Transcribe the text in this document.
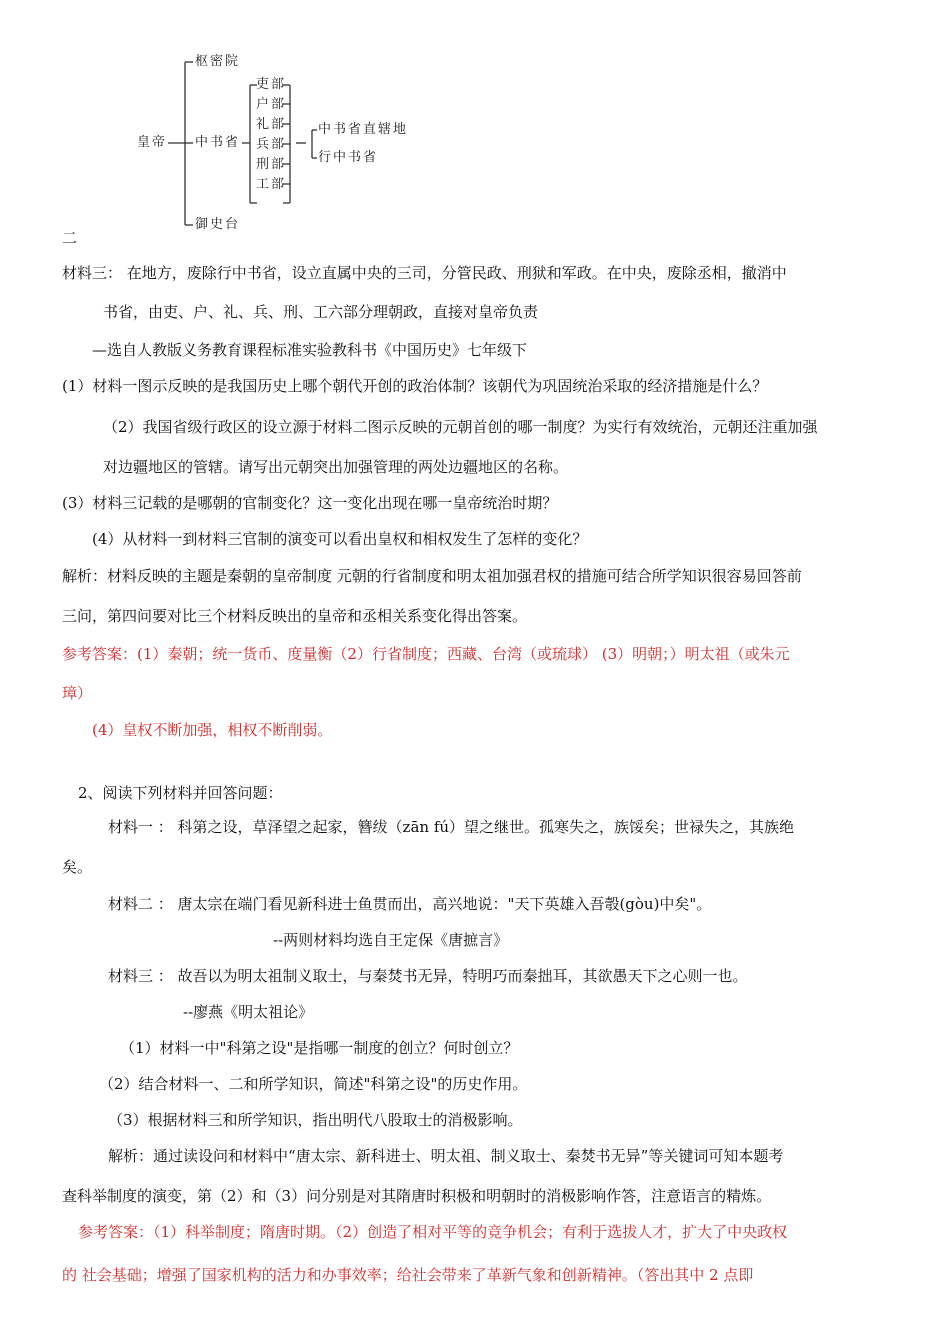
皇帝
枢密院
中书省
御史台
吏部
户部
礼部
兵部
刑部
工部
中书省直辖地
行中书省
二
材料三： 在地方，废除行中书省，设立直属中央的三司，分管民政、刑狱和军政。在中央，废除丞相，撤消中
书省，由吏、户、礼、兵、刑、工六部分理朝政，直接对皇帝负责
—选自人教版义务教育课程标准实验教科书《中国历史》七年级下
(1）材料一图示反映的是我国历史上哪个朝代开创的政治体制？该朝代为巩固统治采取的经济措施是什么？
（2）我国省级行政区的设立源于材料二图示反映的元朝首创的哪一制度？为实行有效统治，元朝还注重加强
对边疆地区的管辖。请写出元朝突出加强管理的两处边疆地区的名称。
(3）材料三记载的是哪朝的官制变化？这一变化出现在哪一皇帝统治时期？
(4）从材料一到材料三官制的演变可以看出皇权和相权发生了怎样的变化？
解析：材料反映的主题是秦朝的皇帝制度 元朝的行省制度和明太祖加强君权的措施可结合所学知识很容易回答前
三问，第四问要对比三个材料反映出的皇帝和丞相关系变化得出答案。
参考答案：(1）秦朝；统一货币、度量衡（2）行省制度；西藏、台湾（或琉球） (3）明朝；）明太祖（或朱元
璋）
(4）皇权不断加强，相权不断削弱。
2、阅读下列材料并回答问题：
材料一 ： 科第之设，草泽望之起家，簪绂（zān fú）望之继世。孤寒失之，族馁矣；世禄失之，其族绝
矣。
材料二 ： 唐太宗在端门看见新科进士鱼贯而出，高兴地说："天下英雄入吾彀(gòu)中矣"。
--两则材料均选自王定保《唐摭言》
材料三 ： 故吾以为明太祖制义取士，与秦焚书无异，特明巧而秦拙耳，其欲愚天下之心则一也。
--廖燕《明太祖论》
（1）材料一中"科第之设"是指哪一制度的创立？何时创立？
（2）结合材料一、二和所学知识，简述"科第之设"的历史作用。
（3）根据材料三和所学知识，指出明代八股取士的消极影响。
解析：通过读设问和材料中“唐太宗、新科进士、明太祖、制义取士、秦焚书无异”等关键词可知本题考
查科举制度的演变，第（2）和（3）问分别是对其隋唐时积极和明朝时的消极影响作答，注意语言的精炼。
参考答案：（1）科举制度；隋唐时期。（2）创造了相对平等的竞争机会；有利于选拔人才，扩大了中央政权
的 社会基础；增强了国家机构的活力和办事效率；给社会带来了革新气象和创新精神。（答出其中 2 点即
